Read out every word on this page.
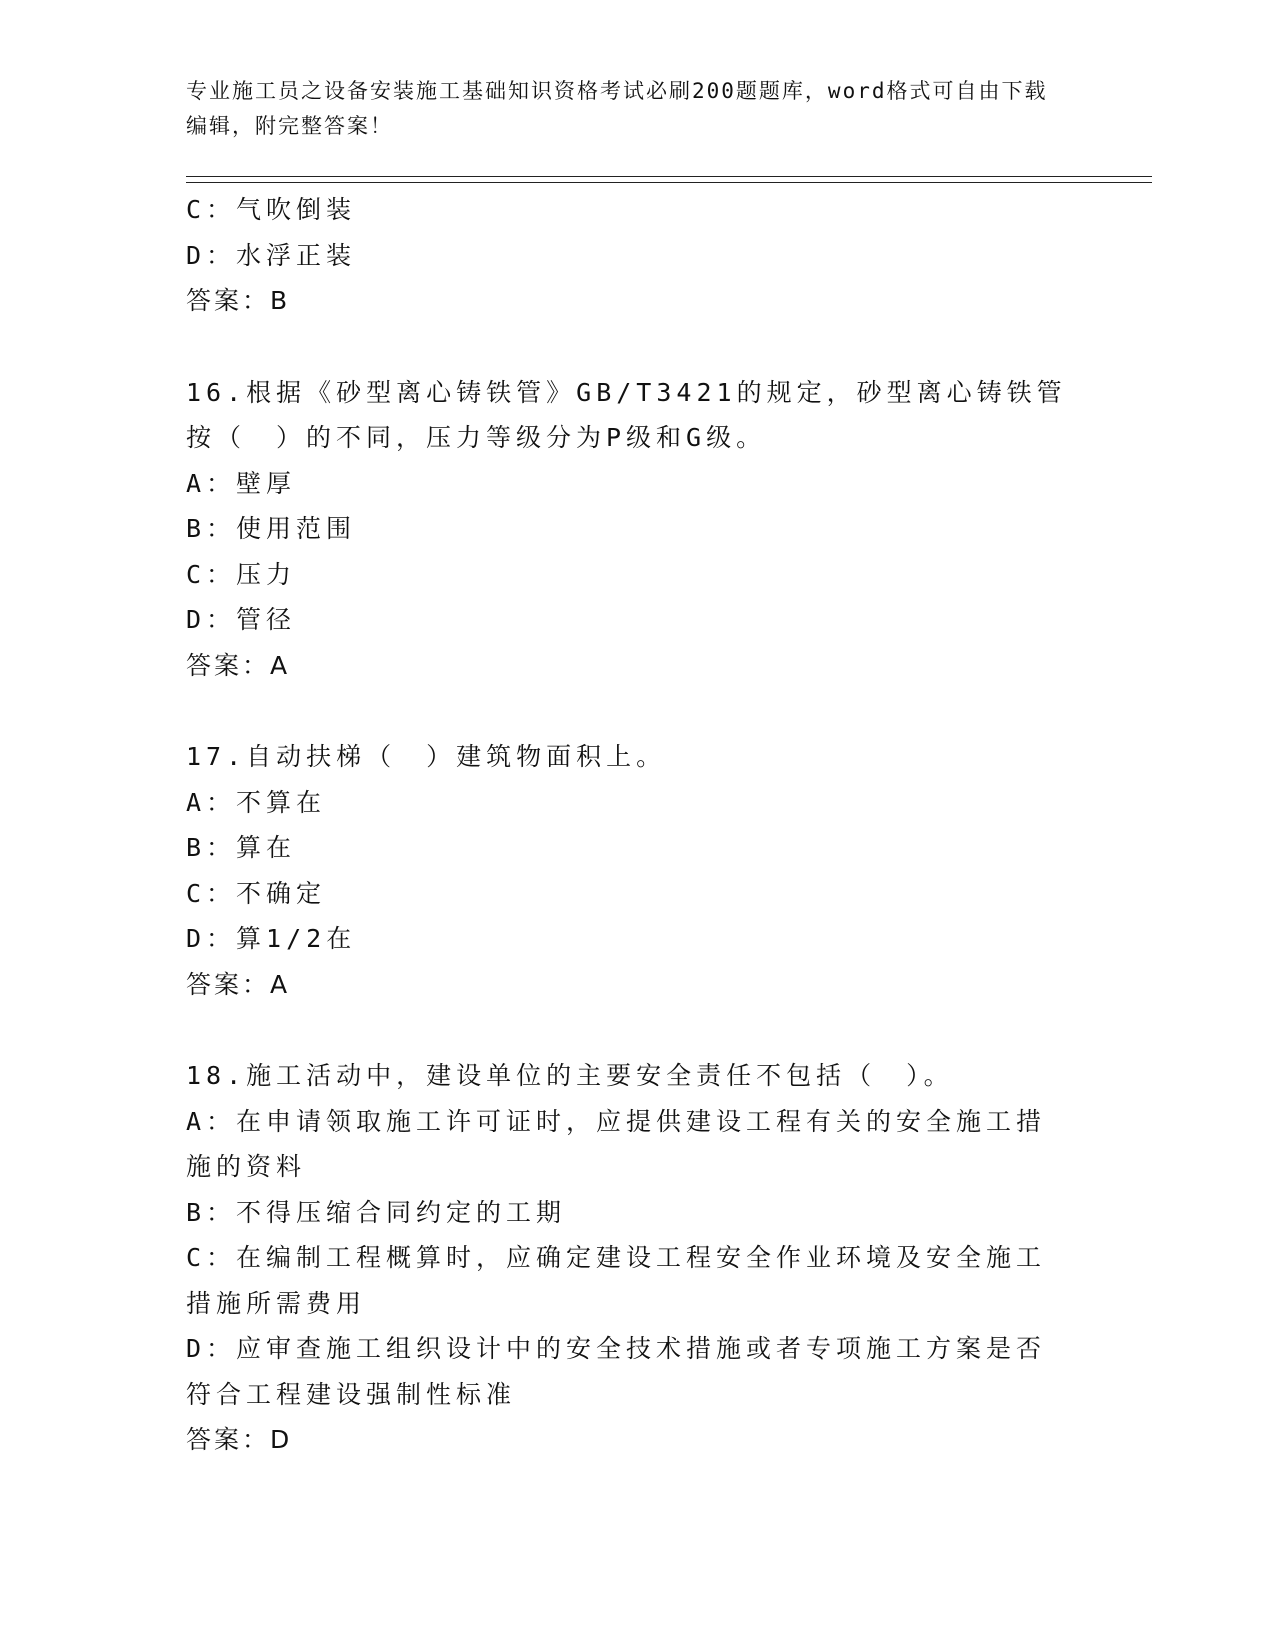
专业施工员之设备安装施工基础知识资格考试必刷200题题库，word格式可自由下载编辑，附完整答案！
C：气吹倒装
D：水浮正装
答案：B
16.根据《砂型离心铸铁管》GB/T3421的规定，砂型离心铸铁管按（　）的不同，压力等级分为P级和G级。
A：壁厚
B：使用范围
C：压力
D：管径
答案：A
17.自动扶梯（　）建筑物面积上。
A：不算在
B：算在
C：不确定
D：算1/2在
答案：A
18.施工活动中，建设单位的主要安全责任不包括（　）。
A：在申请领取施工许可证时，应提供建设工程有关的安全施工措施的资料
B：不得压缩合同约定的工期
C：在编制工程概算时，应确定建设工程安全作业环境及安全施工措施所需费用
D：应审查施工组织设计中的安全技术措施或者专项施工方案是否符合工程建设强制性标准
答案：D
